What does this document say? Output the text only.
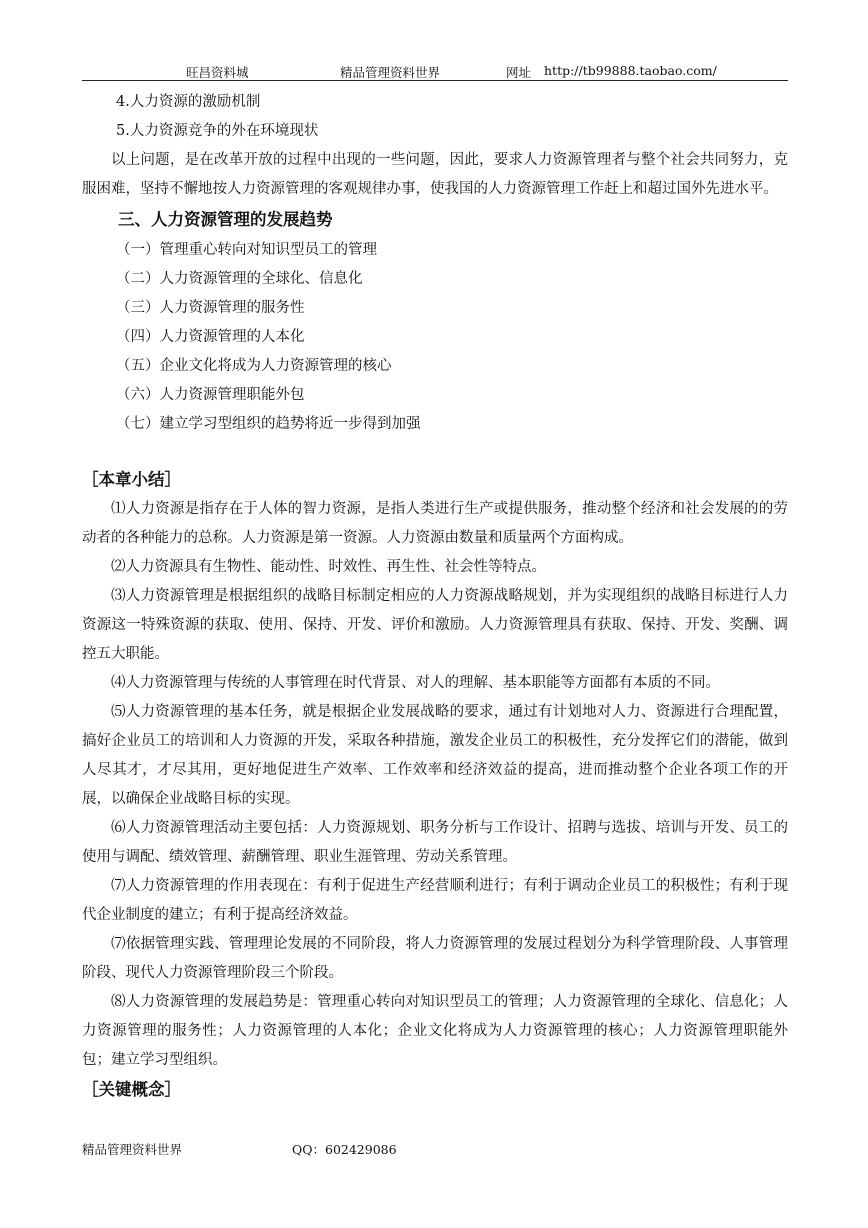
旺昌资料城	精品管理资料世界	网址 http://tb99888.taobao.com/
4.人力资源的激励机制
5.人力资源竞争的外在环境现状
以上问题，是在改革开放的过程中出现的一些问题，因此，要求人力资源管理者与整个社会共同努力，克服困难，坚持不懈地按人力资源管理的客观规律办事，使我国的人力资源管理工作赶上和超过国外先进水平。
三、人力资源管理的发展趋势
（一）管理重心转向对知识型员工的管理
（二）人力资源管理的全球化、信息化
（三）人力资源管理的服务性
（四）人力资源管理的人本化
（五）企业文化将成为人力资源管理的核心
（六）人力资源管理职能外包
（七）建立学习型组织的趋势将近一步得到加强
［本章小结］
⑴人力资源是指存在于人体的智力资源，是指人类进行生产或提供服务，推动整个经济和社会发展的的劳动者的各种能力的总称。人力资源是第一资源。人力资源由数量和质量两个方面构成。
⑵人力资源具有生物性、能动性、时效性、再生性、社会性等特点。
⑶人力资源管理是根据组织的战略目标制定相应的人力资源战略规划，并为实现组织的战略目标进行人力资源这一特殊资源的获取、使用、保持、开发、评价和激励。人力资源管理具有获取、保持、开发、奖酬、调控五大职能。
⑷人力资源管理与传统的人事管理在时代背景、对人的理解、基本职能等方面都有本质的不同。
⑸人力资源管理的基本任务，就是根据企业发展战略的要求，通过有计划地对人力、资源进行合理配置，搞好企业员工的培训和人力资源的开发，采取各种措施，激发企业员工的积极性，充分发挥它们的潜能，做到人尽其才，才尽其用，更好地促进生产效率、工作效率和经济效益的提高，进而推动整个企业各项工作的开展，以确保企业战略目标的实现。
⑹人力资源管理活动主要包括：人力资源规划、职务分析与工作设计、招聘与选拔、培训与开发、员工的使用与调配、绩效管理、薪酬管理、职业生涯管理、劳动关系管理。
⑺人力资源管理的作用表现在：有利于促进生产经营顺利进行；有利于调动企业员工的积极性；有利于现代企业制度的建立；有利于提高经济效益。
⑺依据管理实践、管理理论发展的不同阶段，将人力资源管理的发展过程划分为科学管理阶段、人事管理阶段、现代人力资源管理阶段三个阶段。
⑻人力资源管理的发展趋势是：管理重心转向对知识型员工的管理；人力资源管理的全球化、信息化；人力资源管理的服务性；人力资源管理的人本化；企业文化将成为人力资源管理的核心；人力资源管理职能外包；建立学习型组织。
［关键概念］
精品管理资料世界	QQ：602429086
